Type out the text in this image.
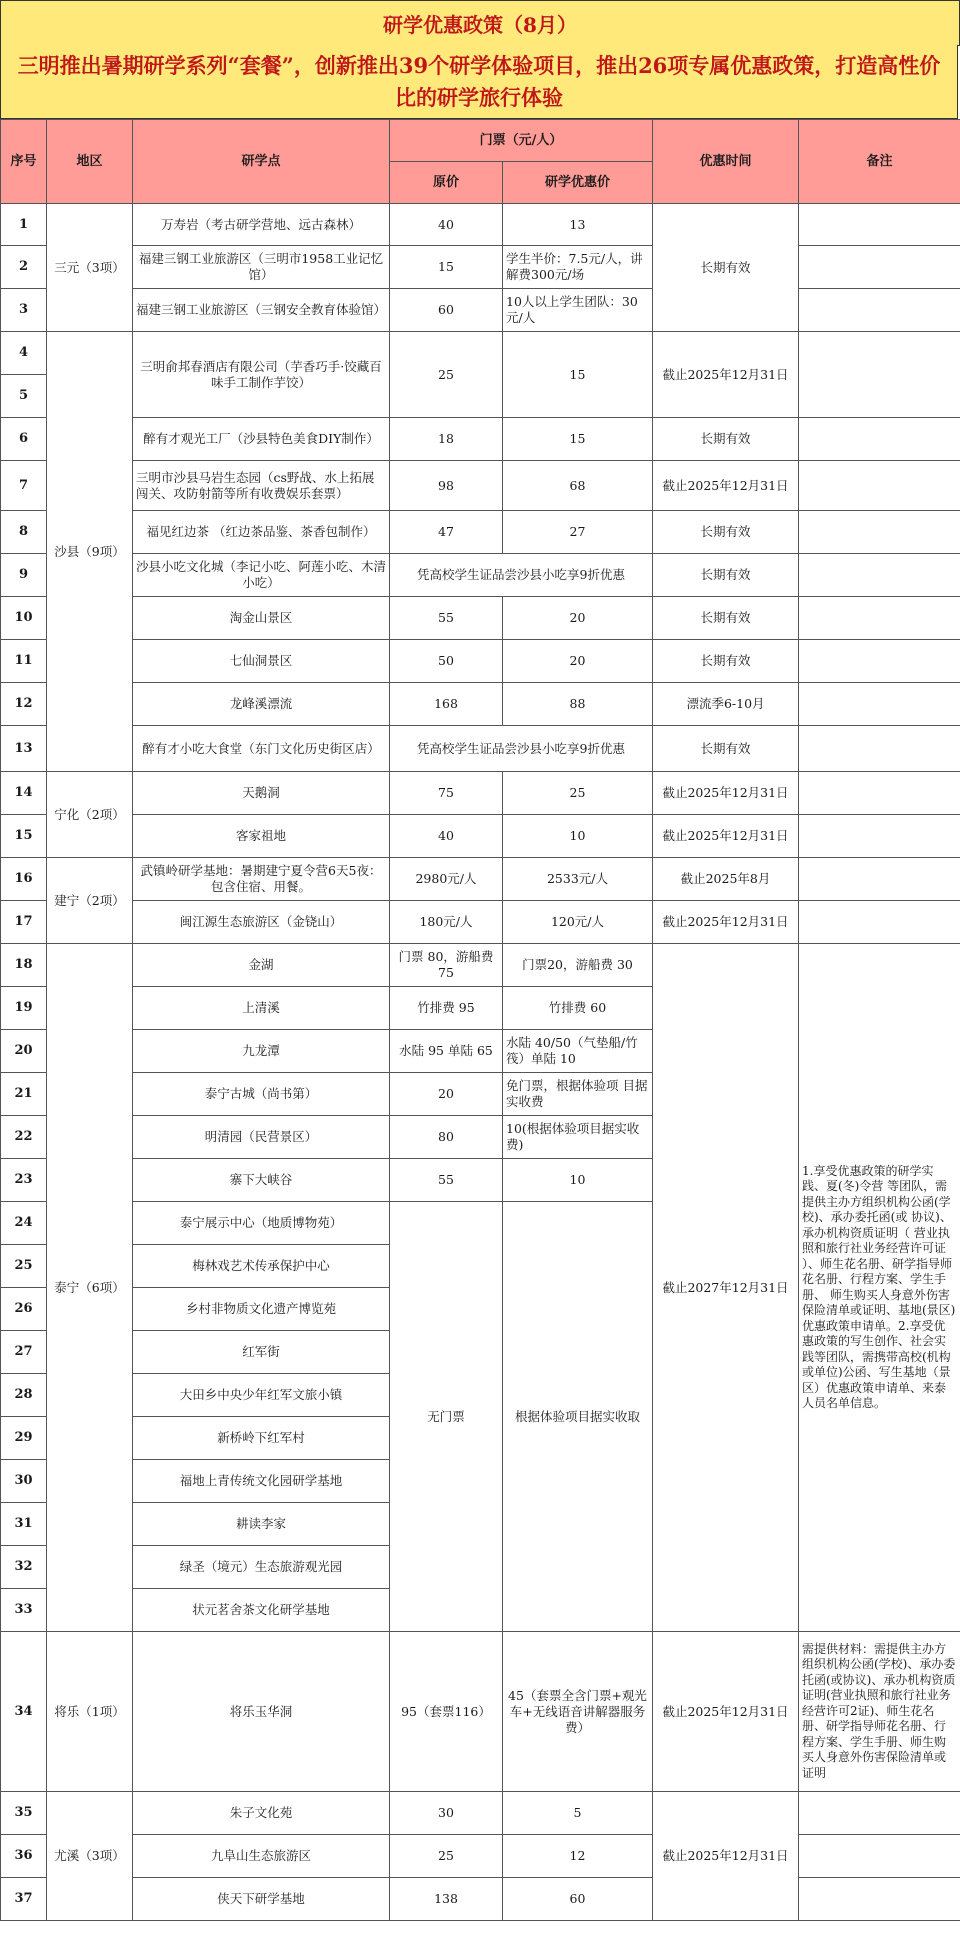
研学优惠政策（8月）
三明推出暑期研学系列“套餐”，创新推出39个研学体验项目，推出26项专属优惠政策，打造高性价比的研学旅行体验
序号	地区	研学点	门票（元/人）		优惠时间	备注
			原价	研学优惠价		
1	三元（3项）	万寿岩（考古研学营地、远古森林）	40	13	长期有效	
2		福建三钢工业旅游区（三明市1958工业记忆馆）	15	学生半价：7.5元/人，讲解费300元/场		
3		福建三钢工业旅游区（三钢安全教育体验馆）	60	10人以上学生团队：30元/人		
4	沙县（9项）	三明俞邦春酒店有限公司（芋香巧手·饺藏百味手工制作芋饺）	25	15	截止2025年12月31日	
5						
6		醉有才观光工厂（沙县特色美食DIY制作）	18	15	长期有效	
7		三明市沙县马岩生态园（cs野战、水上拓展闯关、攻防射箭等所有收费娱乐套票）	98	68	截止2025年12月31日	
8		福见红边茶 （红边茶品鉴、茶香包制作）	47	27	长期有效	
9		沙县小吃文化城（李记小吃、阿莲小吃、木清小吃）	凭高校学生证品尝沙县小吃享9折优惠		长期有效	
10		淘金山景区	55	20	长期有效	
11		七仙洞景区	50	20	长期有效	
12		龙峰溪漂流	168	88	漂流季6-10月	
13		醉有才小吃大食堂（东门文化历史街区店）	凭高校学生证品尝沙县小吃享9折优惠		长期有效	
14	宁化（2项）	天鹅洞	75	25	截止2025年12月31日	
15		客家祖地	40	10	截止2025年12月31日	
16	建宁（2项）	武镇岭研学基地：暑期建宁夏令营6天5夜：包含住宿、用餐。	2980元/人	2533元/人	截止2025年8月	
17		闽江源生态旅游区（金铙山）	180元/人	120元/人	截止2025年12月31日	
18	泰宁（6项）	金湖	门票 80，游船费 75	门票20，游船费 30	截止2027年12月31日	1.享受优惠政策的研学实践、夏(冬)令营 等团队，需提供主办方组织机构公函(学校)、承办委托函(或 协议)、承办机构资质证明（ 营业执照和旅行社业务经营许可证 ）、师生花名册、研学指导师花名册、行程方案、学生手册、 师生购买人身意外伤害保险清单或证明、基地(景区)优惠政策申请单。2.享受优惠政策的写生创作、社会实践等团队，需携带高校(机构或单位)公函、写生基地（景区）优惠政策申请单、来泰人员名单信息。
19		上清溪	竹排费 95	竹排费 60		
20		九龙潭	水陆 95 单陆 65	水陆 40/50（气垫船/竹筏）单陆 10		
21		泰宁古城（尚书第）	20	免门票，根据体验项 目据实收费		
22		明清园（民营景区）	80	10(根据体验项目据实收费)		
23		寨下大峡谷	55	10		
24		泰宁展示中心（地质博物苑）	无门票	根据体验项目据实收取		
25		梅林戏艺术传承保护中心				
26		乡村非物质文化遗产博览苑				
27		红军街				
28		大田乡中央少年红军文旅小镇				
29		新桥岭下红军村				
30		福地上青传统文化园研学基地				
31		耕读李家				
32		绿圣（境元）生态旅游观光园				
33		状元茗舍茶文化研学基地				
34	将乐（1项）	将乐玉华洞	95（套票116）	45（套票全含门票+观光车+无线语音讲解器服务费）	截止2025年12月31日	需提供材料：需提供主办方组织机构公函(学校)、承办委托函(或协议)、承办机构资质证明(营业执照和旅行社业务经营许可2证)、师生花名册、研学指导师花名册、行程方案、学生手册、师生购买人身意外伤害保险清单或证明
35	尤溪（3项）	朱子文化苑	30	5	截止2025年12月31日	
36		九阜山生态旅游区	25	12		
37		侠天下研学基地	138	60		
